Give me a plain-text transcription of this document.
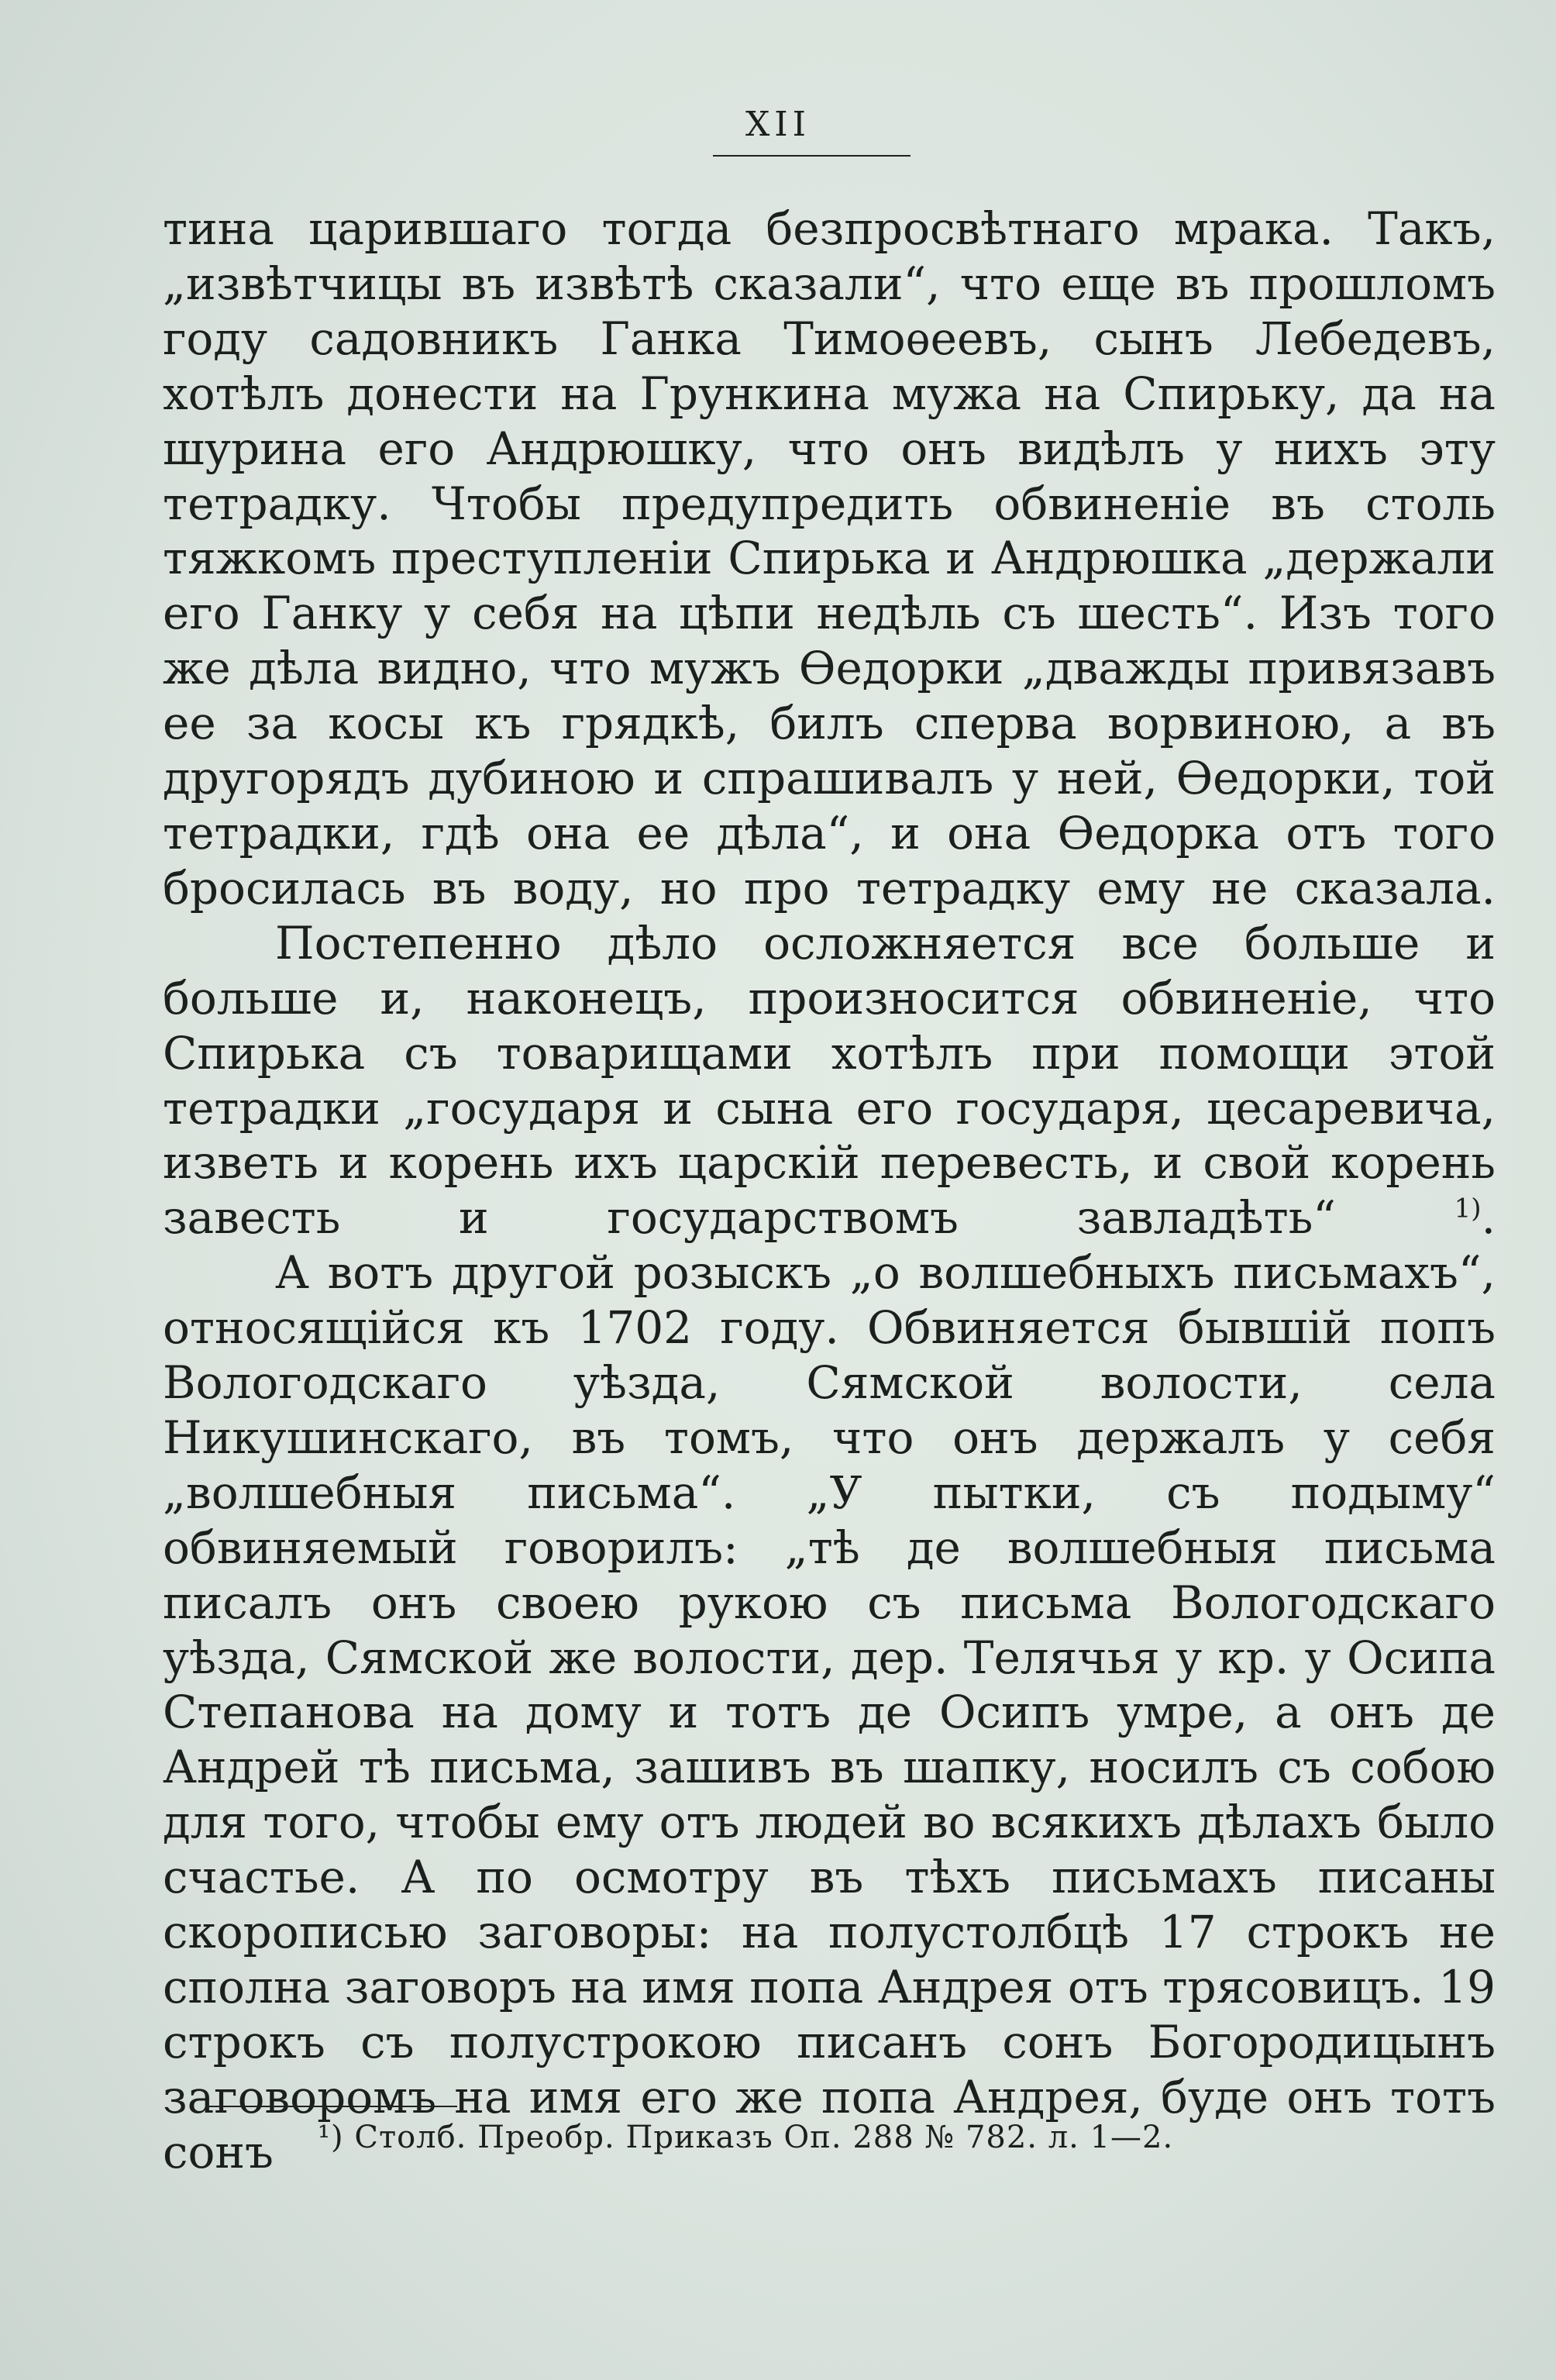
XII

тина царившаго тогда безпросвѣтнаго мрака. Такъ, „извѣтчицы въ извѣтѣ сказали“, что еще въ прошломъ году садовникъ Ганка Тимоѳеевъ, сынъ Лебедевъ, хотѣлъ донести на Грункина мужа на Спирьку, да на шурина его Андрюшку, что онъ видѣлъ у нихъ эту тетрадку. Чтобы предупредить обвиненіе въ столь тяжкомъ преступленіи Спирька и Андрюшка „держали его Ганку у себя на цѣпи недѣль съ шесть“. Изъ того же дѣла видно, что мужъ Ѳедорки „дважды привязавъ ее за косы къ грядкѣ, билъ сперва ворвиною, а въ другорядъ дубиною и спрашивалъ у ней, Ѳедорки, той тетрадки, гдѣ она ее дѣла“, и она Ѳедорка отъ того бросилась въ воду, но про тетрадку ему не сказала.

Постепенно дѣло осложняется все больше и больше и, наконецъ, произносится обвиненіе, что Спирька съ товарищами хотѣлъ при помощи этой тетрадки „государя и сына его государя, цесаревича, изветь и корень ихъ царскій перевесть, и свой корень завесть и государствомъ завладѣть“	$^{1)}$.

А вотъ другой розыскъ „о волшебныхъ письмахъ“, относящійся къ 1702 году. Обвиняется бывшій попъ Вологодскаго уѣзда, Сямской волости, села Никушинскаго, въ томъ, что онъ держалъ у себя „волшебныя письма“. „У пытки, съ подыму“ обвиняемый говорилъ: „тѣ де волшебныя письма писалъ онъ своею рукою съ письма Вологодскаго уѣзда, Сямской же волости, дер. Телячья у кр. у Осипа Степанова на дому и тотъ де Осипъ умре, а онъ де Андрей тѣ письма, зашивъ въ шапку, носилъ съ собою для того, чтобы ему отъ людей во всякихъ дѣлахъ было счастье. А по осмотру въ тѣхъ письмахъ писаны скорописью заговоры: на полустолбцѣ 17 строкъ не сполна заговоръ на имя попа Андрея отъ трясовицъ. 19 строкъ съ полустрокою писанъ сонъ Богородицынъ заговоромъ на имя его же попа Андрея, буде онъ тотъ сонъ	¹) Столб. Преобр. Приказъ Оп. 288 № 782. л. 1—2.
